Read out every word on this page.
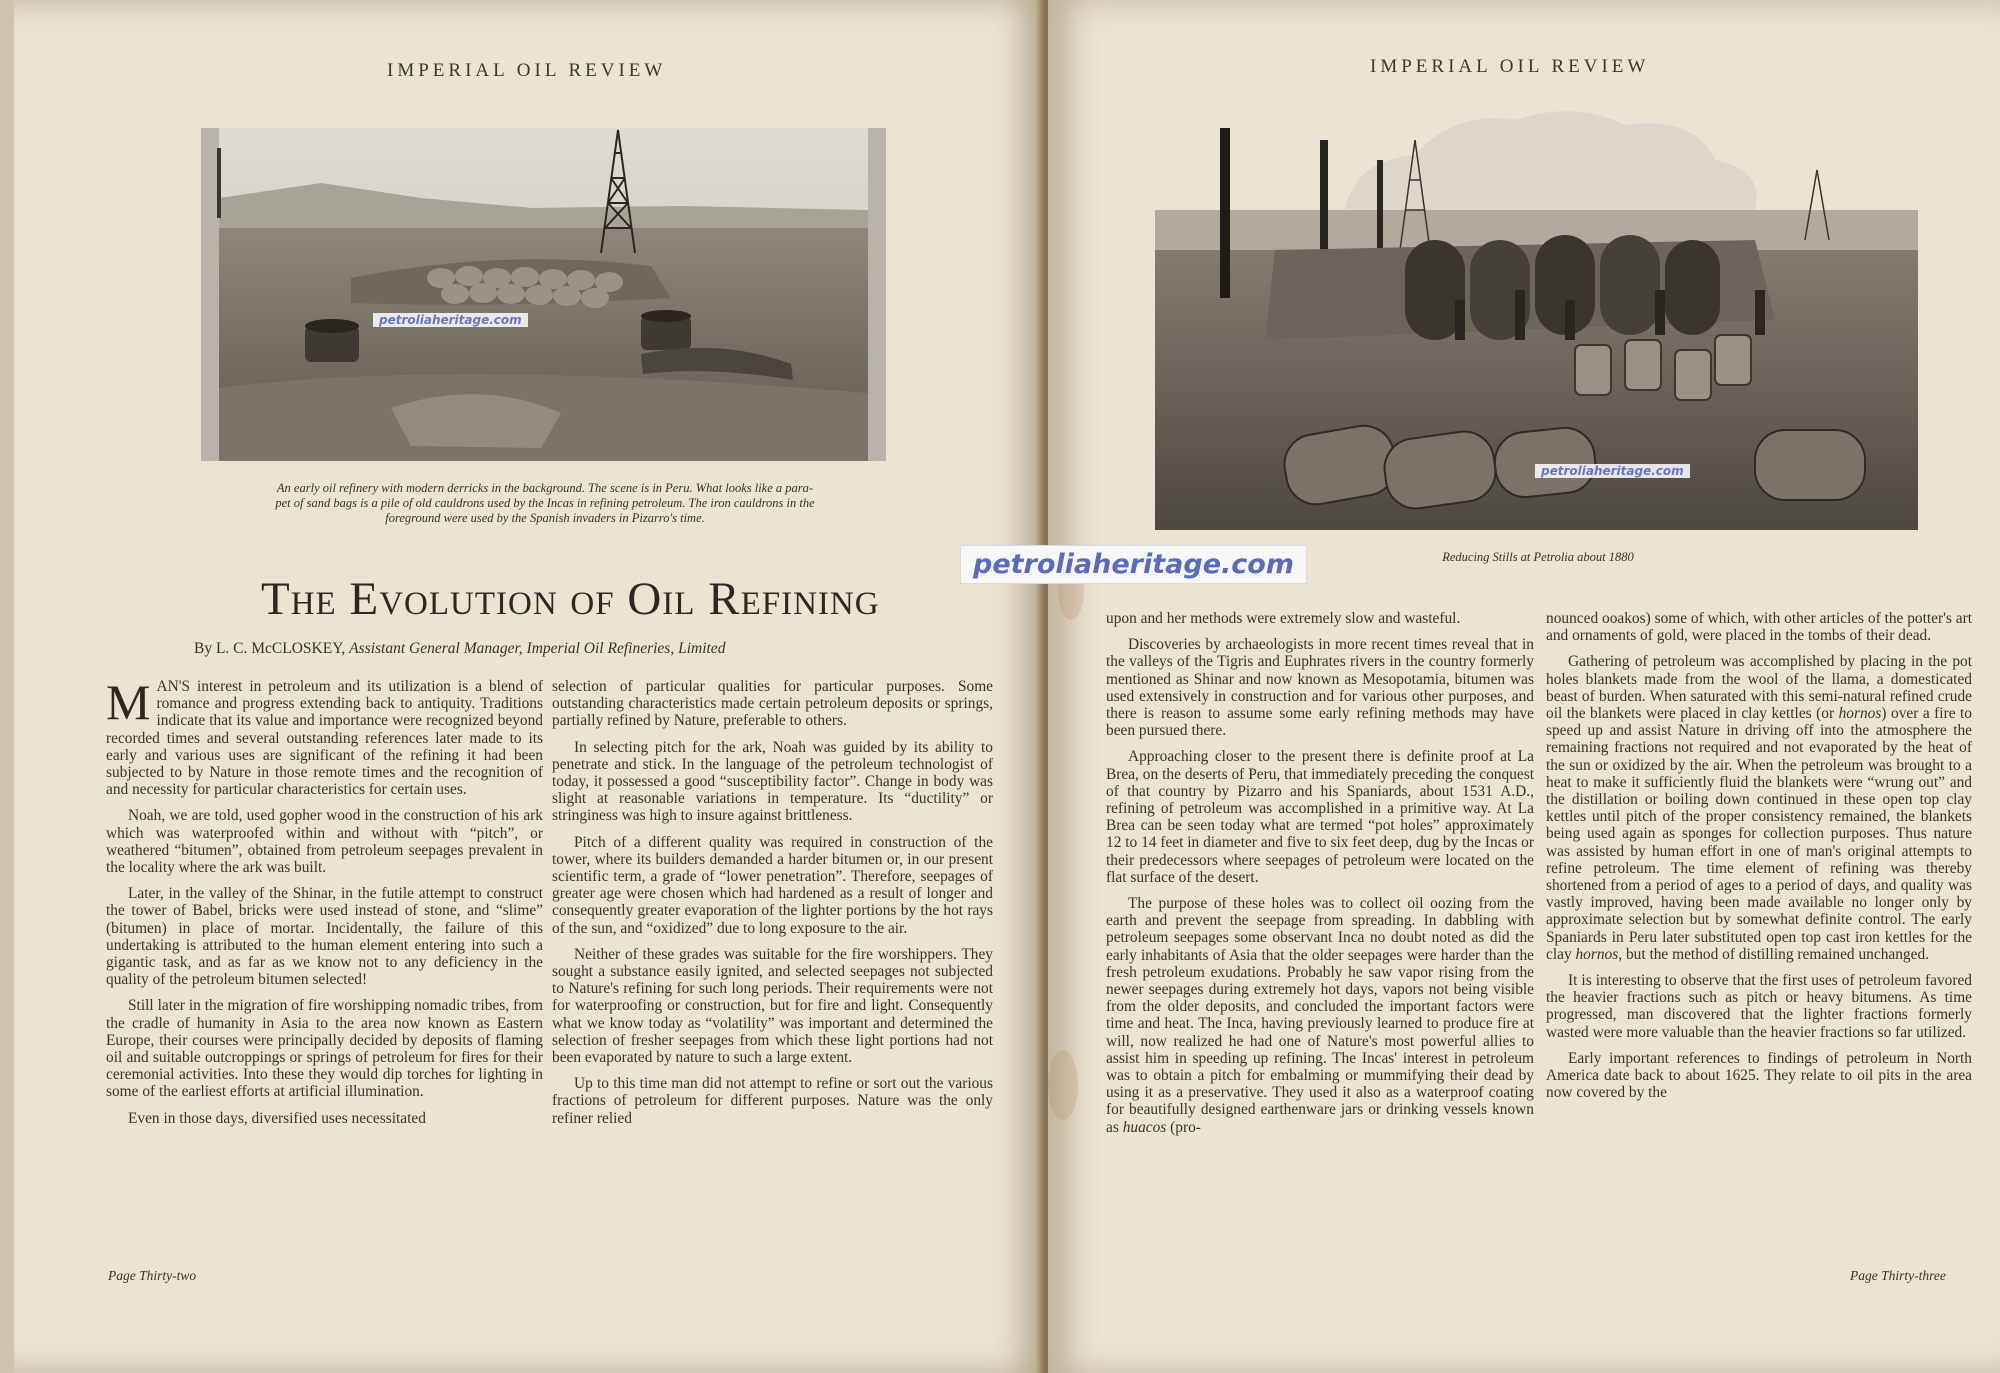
IMPERIAL OIL REVIEW
petroliaheritage.com
An early oil refinery with modern derricks in the background. The scene is in Peru. What looks like a para-
pet of sand bags is a pile of old cauldrons used by the Incas in refining petroleum. The iron cauldrons in the
foreground were used by the Spanish invaders in Pizarro's time.
THE EVOLUTION OF OIL REFINING
By L. C. McCLOSKEY, Assistant General Manager, Imperial Oil Refineries, Limited

MAN'S interest in petroleum and its utilization is a blend of romance and progress extending back to antiquity. Traditions indicate that its value and importance were recognized beyond recorded times and several outstanding references later made to its early and various uses are significant of the refining it had been subjected to by Nature in those remote times and the recognition of and necessity for particular characteristics for certain uses.

Noah, we are told, used gopher wood in the construction of his ark which was waterproofed within and without with “pitch”, or weathered “bitumen”, obtained from petroleum seepages prevalent in the locality where the ark was built.

Later, in the valley of the Shinar, in the futile attempt to construct the tower of Babel, bricks were used instead of stone, and “slime” (bitumen) in place of mortar. Incidentally, the failure of this undertaking is attributed to the human element entering into such a gigantic task, and as far as we know not to any deficiency in the quality of the petroleum bitumen selected!

Still later in the migration of fire worshipping nomadic tribes, from the cradle of humanity in Asia to the area now known as Eastern Europe, their courses were principally decided by deposits of flaming oil and suitable outcroppings or springs of petroleum for fires for their ceremonial activities. Into these they would dip torches for lighting in some of the earliest efforts at artificial illumination.

Even in those days, diversified uses necessitated

selection of particular qualities for particular purposes. Some outstanding characteristics made certain petroleum deposits or springs, partially refined by Nature, preferable to others.

In selecting pitch for the ark, Noah was guided by its ability to penetrate and stick. In the language of the petroleum technologist of today, it possessed a good “susceptibility factor”. Change in body was slight at reasonable variations in temperature. Its “ductility” or stringiness was high to insure against brittleness.

Pitch of a different quality was required in construction of the tower, where its builders demanded a harder bitumen or, in our present scientific term, a grade of “lower penetration”. Therefore, seepages of greater age were chosen which had hardened as a result of longer and consequently greater evaporation of the lighter portions by the hot rays of the sun, and “oxidized” due to long exposure to the air.

Neither of these grades was suitable for the fire worshippers. They sought a substance easily ignited, and selected seepages not subjected to Nature's refining for such long periods. Their requirements were not for waterproofing or construction, but for fire and light. Consequently what we know today as “volatility” was important and determined the selection of fresher seepages from which these light portions had not been evaporated by nature to such a large extent.

Up to this time man did not attempt to refine or sort out the various fractions of petroleum for different purposes. Nature was the only refiner relied

Page Thirty-two
IMPERIAL OIL REVIEW
petroliaheritage.com
Reducing Stills at Petrolia about 1880

upon and her methods were extremely slow and wasteful.

Discoveries by archaeologists in more recent times reveal that in the valleys of the Tigris and Euphrates rivers in the country formerly mentioned as Shinar and now known as Mesopotamia, bitumen was used extensively in construction and for various other purposes, and there is reason to assume some early refining methods may have been pursued there.

Approaching closer to the present there is definite proof at La Brea, on the deserts of Peru, that immediately preceding the conquest of that country by Pizarro and his Spaniards, about 1531 A.D., refining of petroleum was accomplished in a primitive way. At La Brea can be seen today what are termed “pot holes” approximately 12 to 14 feet in diameter and five to six feet deep, dug by the Incas or their predecessors where seepages of petroleum were located on the flat surface of the desert.

The purpose of these holes was to collect oil oozing from the earth and prevent the seepage from spreading. In dabbling with petroleum seepages some observant Inca no doubt noted as did the early inhabitants of Asia that the older seepages were harder than the fresh petroleum exudations. Probably he saw vapor rising from the newer seepages during extremely hot days, vapors not being visible from the older deposits, and concluded the important factors were time and heat. The Inca, having previously learned to produce fire at will, now realized he had one of Nature's most powerful allies to assist him in speeding up refining. The Incas' interest in petroleum was to obtain a pitch for embalming or mummifying their dead by using it as a preservative. They used it also as a waterproof coating for beautifully designed earthenware jars or drinking vessels known as huacos (pro-

nounced ooakos) some of which, with other articles of the potter's art and ornaments of gold, were placed in the tombs of their dead.

Gathering of petroleum was accomplished by placing in the pot holes blankets made from the wool of the llama, a domesticated beast of burden. When saturated with this semi-natural refined crude oil the blankets were placed in clay kettles (or hornos) over a fire to speed up and assist Nature in driving off into the atmosphere the remaining fractions not required and not evaporated by the heat of the sun or oxidized by the air. When the petroleum was brought to a heat to make it sufficiently fluid the blankets were “wrung out” and the distillation or boiling down continued in these open top clay kettles until pitch of the proper consistency remained, the blankets being used again as sponges for collection purposes. Thus nature was assisted by human effort in one of man's original attempts to refine petroleum. The time element of refining was thereby shortened from a period of ages to a period of days, and quality was vastly improved, having been made available no longer only by approximate selection but by somewhat definite control. The early Spaniards in Peru later substituted open top cast iron kettles for the clay hornos, but the method of distilling remained unchanged.

It is interesting to observe that the first uses of petroleum favored the heavier fractions such as pitch or heavy bitumens. As time progressed, man discovered that the lighter fractions formerly wasted were more valuable than the heavier fractions so far utilized.

Early important references to findings of petroleum in North America date back to about 1625. They relate to oil pits in the area now covered by the

Page Thirty-three
petroliaheritage.com
